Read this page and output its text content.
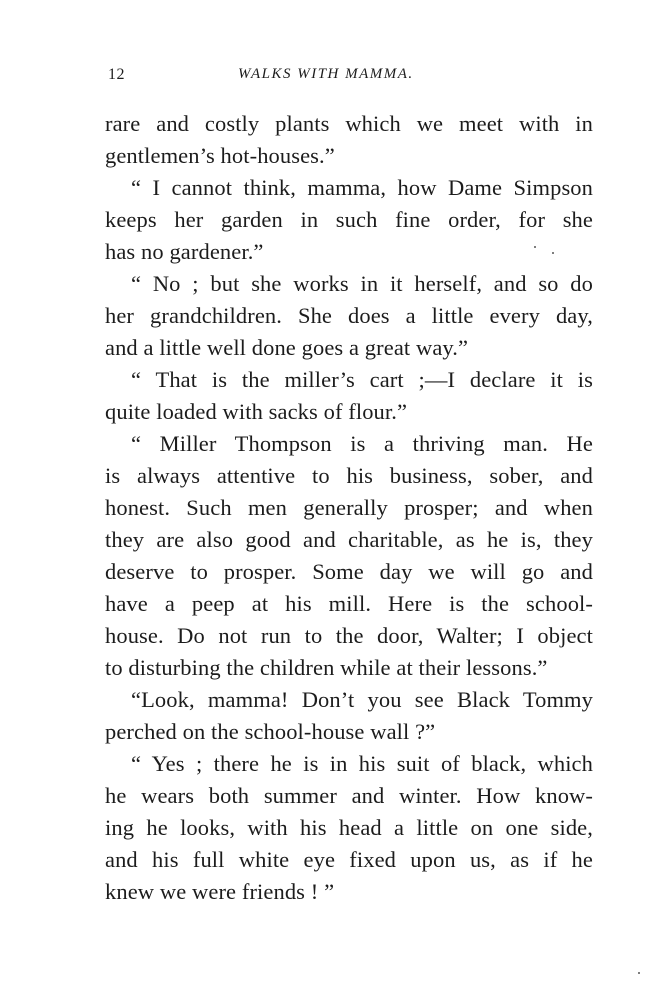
12	WALKS WITH MAMMA.
rare and costly plants which we meet with in
gentlemen’s hot-houses.”
“ I cannot think, mamma, how Dame Simpson
keeps her garden in such fine order, for she
has no gardener.”
“ No ; but she works in it herself, and so do
her grandchildren. She does a little every day,
and a little well done goes a great way.”
“ That is the miller’s cart ;—I declare it is
quite loaded with sacks of flour.”
“ Miller Thompson is a thriving man. He
is always attentive to his business, sober, and
honest. Such men generally prosper; and when
they are also good and charitable, as he is, they
deserve to prosper. Some day we will go and
have a peep at his mill. Here is the school-
house. Do not run to the door, Walter; I object
to disturbing the children while at their lessons.”
“Look, mamma! Don’t you see Black Tommy
perched on the school-house wall ?”
“ Yes ; there he is in his suit of black, which
he wears both summer and winter. How know-
ing he looks, with his head a little on one side,
and his full white eye fixed upon us, as if he
knew we were friends ! ”
